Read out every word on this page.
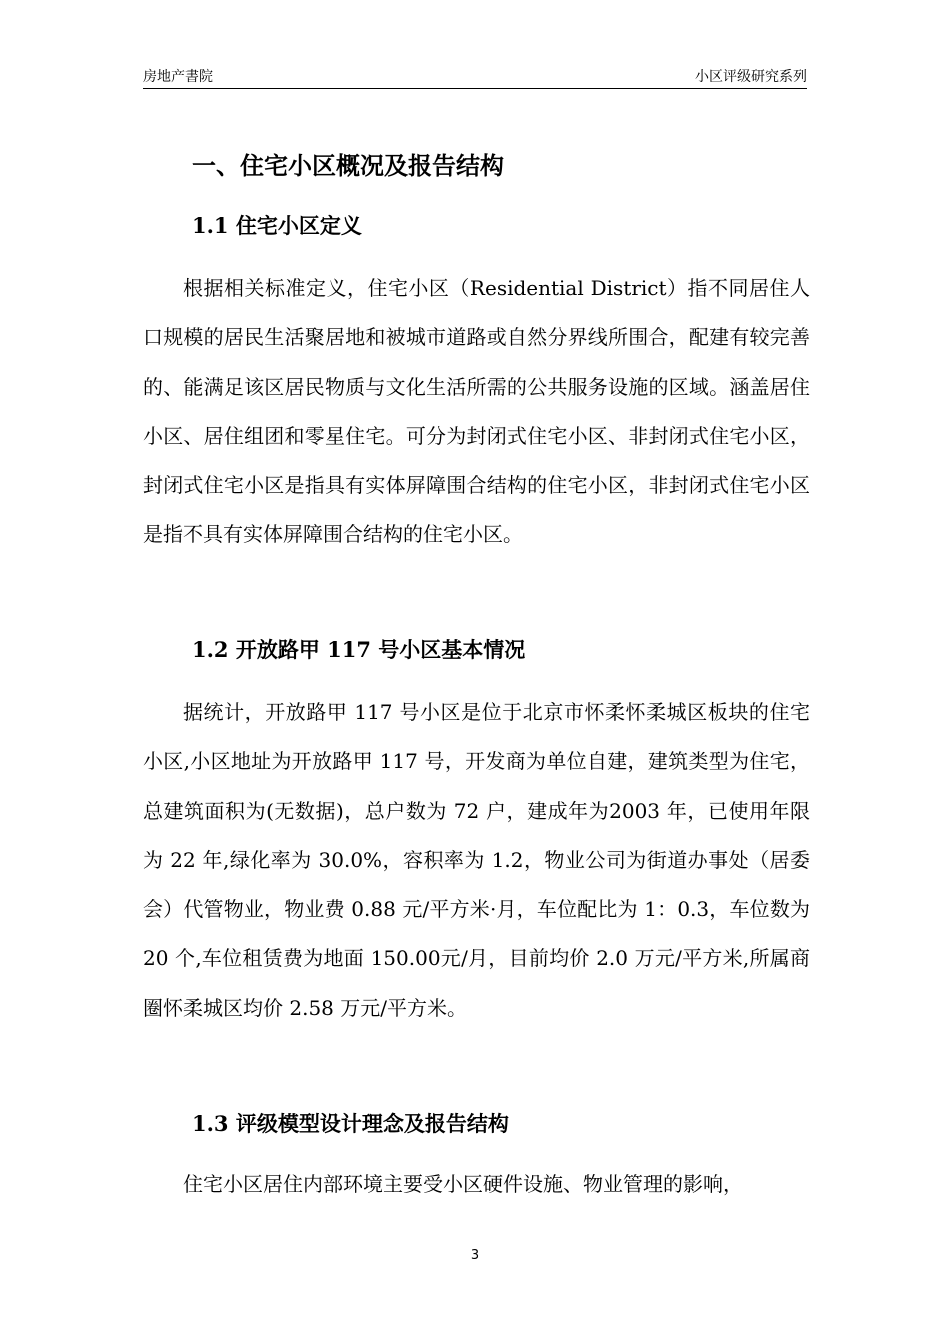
房地产書院	小区评级研究系列
一、住宅小区概况及报告结构
1.1 住宅小区定义

根据相关标准定义，住宅小区（Residential District）指不同居住人口规模的居民生活聚居地和被城市道路或自然分界线所围合，配建有较完善的、能满足该区居民物质与文化生活所需的公共服务设施的区域。涵盖居住小区、居住组团和零星住宅。可分为封闭式住宅小区、非封闭式住宅小区，封闭式住宅小区是指具有实体屏障围合结构的住宅小区，非封闭式住宅小区是指不具有实体屏障围合结构的住宅小区。

1.2 开放路甲 117 号小区基本情况

据统计，开放路甲 117 号小区是位于北京市怀柔怀柔城区板块的住宅小区,小区地址为开放路甲 117 号，开发商为单位自建，建筑类型为住宅，总建筑面积为(无数据)，总户数为 72 户，建成年为2003 年，已使用年限为 22 年,绿化率为 30.0%，容积率为 1.2，物业公司为街道办事处（居委会）代管物业，物业费 0.88 元/平方米·月，车位配比为 1：0.3，车位数为 20 个,车位租赁费为地面 150.00元/月，目前均价 2.0 万元/平方米,所属商圈怀柔城区均价 2.58 万元/平方米。

1.3 评级模型设计理念及报告结构

住宅小区居住内部环境主要受小区硬件设施、物业管理的影响，

3
